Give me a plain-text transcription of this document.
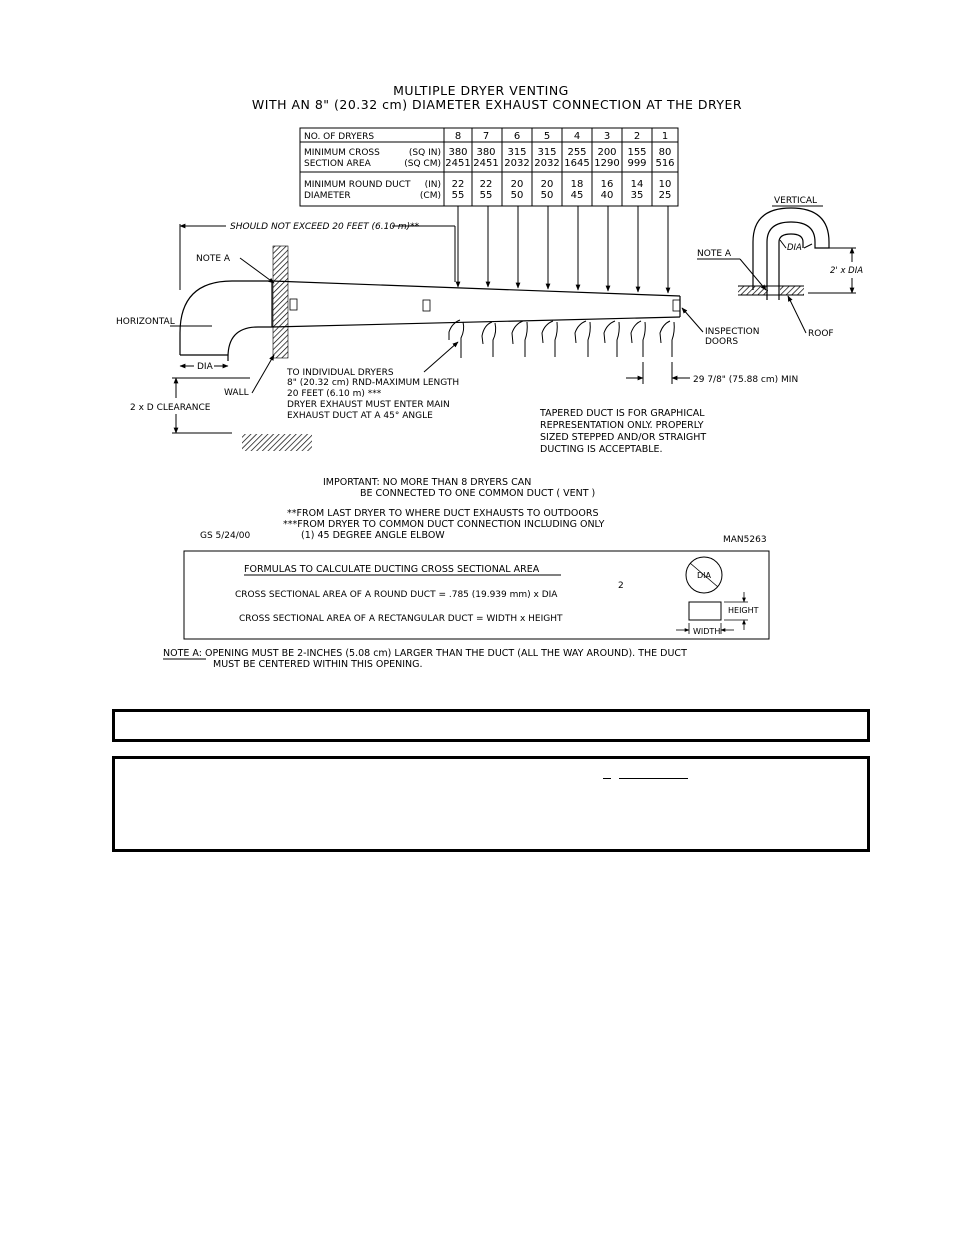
MULTIPLE DRYER VENTING
WITH AN 8" (20.32 cm) DIAMETER EXHAUST CONNECTION AT THE DRYER
NO. OF DRYERS	8 7 6 5 4 3 2 1
MINIMUM CROSS	(SQ IN) 380 380 315 315 255 200 155 80
SECTION AREA	(SQ CM) 2451 2451 2032 2032 1645 1290 999 516
MINIMUM ROUND DUCT (IN) 22 22 20 20 18 16 14 10
DIAMETER	(CM) 55 55 50 50 45 40 35 25
SHOULD NOT EXCEED 20 FEET (6.10 m)**
NOTE A
HORIZONTAL
DIA
WALL
2 x D CLEARANCE
TO INDIVIDUAL DRYERS
8" (20.32 cm) RND-MAXIMUM LENGTH
20 FEET (6.10 m) ***
DRYER EXHAUST MUST ENTER MAIN
EXHAUST DUCT AT A 45° ANGLE
INSPECTION
DOORS
29 7/8" (75.88 cm) MIN
TAPERED DUCT IS FOR GRAPHICAL
REPRESENTATION ONLY. PROPERLY
SIZED STEPPED AND/OR STRAIGHT
DUCTING IS ACCEPTABLE.
VERTICAL
NOTE A
DIA
2' x DIA
ROOF
IMPORTANT: NO MORE THAN 8 DRYERS CAN
BE CONNECTED TO ONE COMMON DUCT ( VENT )
**FROM LAST DRYER TO WHERE DUCT EXHAUSTS TO OUTDOORS
***FROM DRYER TO COMMON DUCT CONNECTION INCLUDING ONLY
(1) 45 DEGREE ANGLE ELBOW
GS 5/24/00	MAN5263
FORMULAS TO CALCULATE DUCTING CROSS SECTIONAL AREA
CROSS SECTIONAL AREA OF A ROUND DUCT = .785 (19.939 mm) x DIA
2
CROSS SECTIONAL AREA OF A RECTANGULAR DUCT = WIDTH x HEIGHT
DIA
HEIGHT
WIDTH
NOTE A: OPENING MUST BE 2-INCHES (5.08 cm) LARGER THAN THE DUCT (ALL THE WAY AROUND). THE DUCT
MUST BE CENTERED WITHIN THIS OPENING.
